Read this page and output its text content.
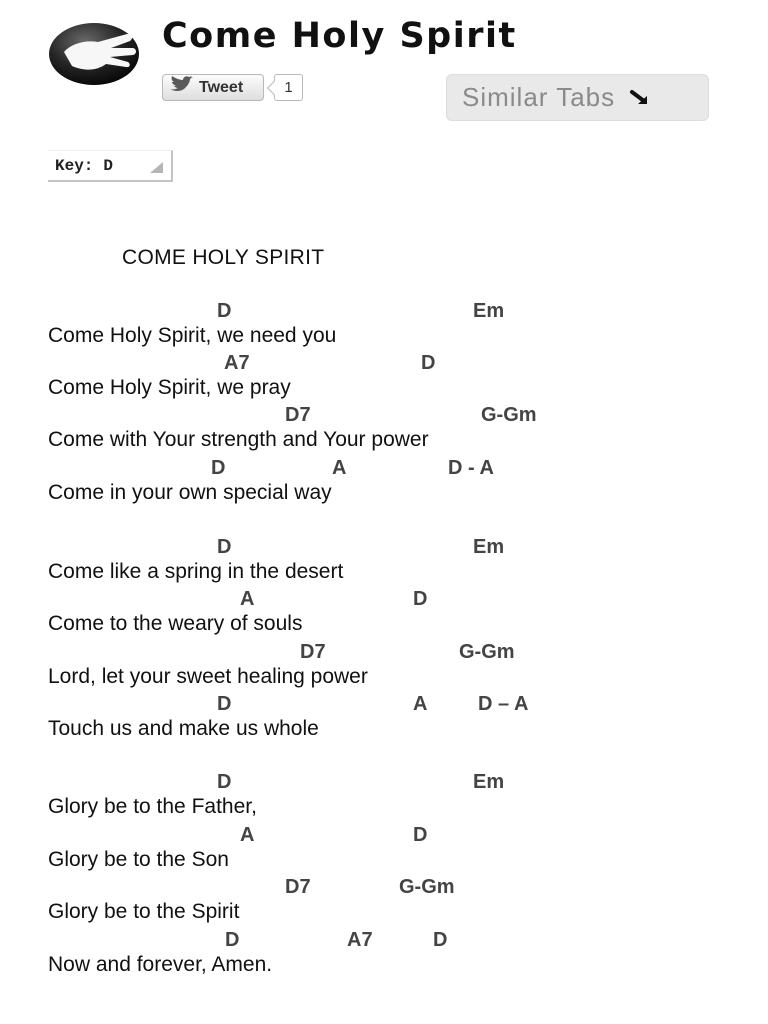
Come Holy Spirit
Tweet	1	Similar Tabs
Key: D
COME HOLY SPIRIT
D	Em
Come Holy Spirit, we need you
A7	D
Come Holy Spirit, we pray
D7	G-Gm
Come with Your strength and Your power
D	A	D - A
Come in your own special way
D	Em
Come like a spring in the desert
A	D
Come to the weary of souls
D7	G-Gm
Lord, let your sweet healing power
D	A	D – A
Touch us and make us whole
D	Em
Glory be to the Father,
A	D
Glory be to the Son
D7	G-Gm
Glory be to the Spirit
D	A7	D
Now and forever, Amen.
